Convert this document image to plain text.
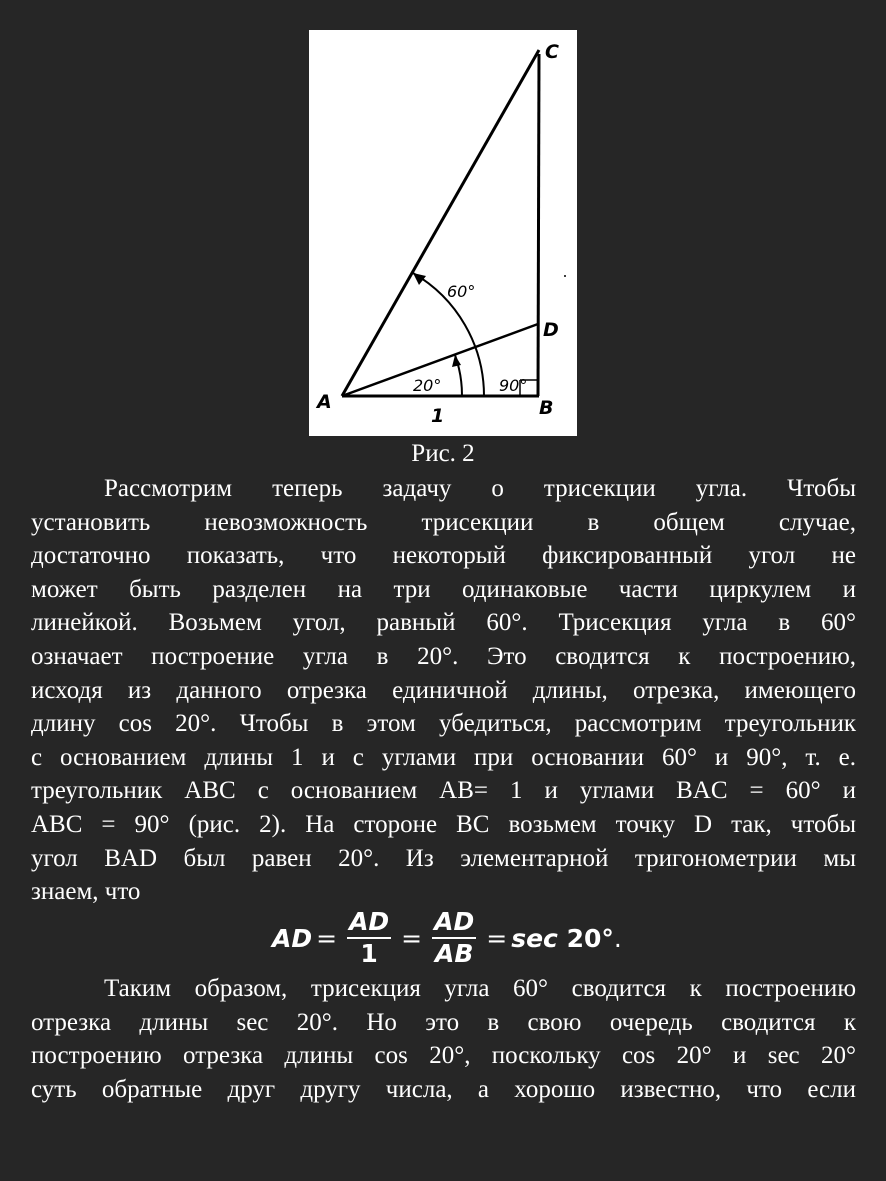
C
D
A	B
1
60°
20°	90°
Рис. 2
Рассмотрим теперь задачу о трисекции угла. Чтобы
установить невозможность трисекции в общем случае,
достаточно показать, что некоторый фиксированный угол не
может быть разделен на три одинаковые части циркулем и
линейкой. Возьмем угол, равный 60°. Трисекция угла в 60°
означает построение угла в 20°. Это сводится к построению,
исходя из данного отрезка единичной длины, отрезка, имеющего
длину cos 20°. Чтобы в этом убедиться, рассмотрим треугольник
с основанием длины 1 и с углами при основании 60° и 90°, т. е.
треугольник ABC с основанием AB= 1 и углами BAC = 60° и
ABC = 90° (рис. 2). На стороне BC возьмем точку D так, чтобы
угол BAD был равен 20°. Из элементарной тригонометрии мы
знаем, что
AD = $\frac{AD}{1} = \frac{AD}{AB} = \sec$
20° .
Таким образом, трисекция угла 60° сводится к построению
отрезка длины sec 20°. Но это в свою очередь сводится к
построению отрезка длины cos 20°, поскольку cos 20° и sec 20°
суть обратные друг другу числа, а хорошо известно, что если
